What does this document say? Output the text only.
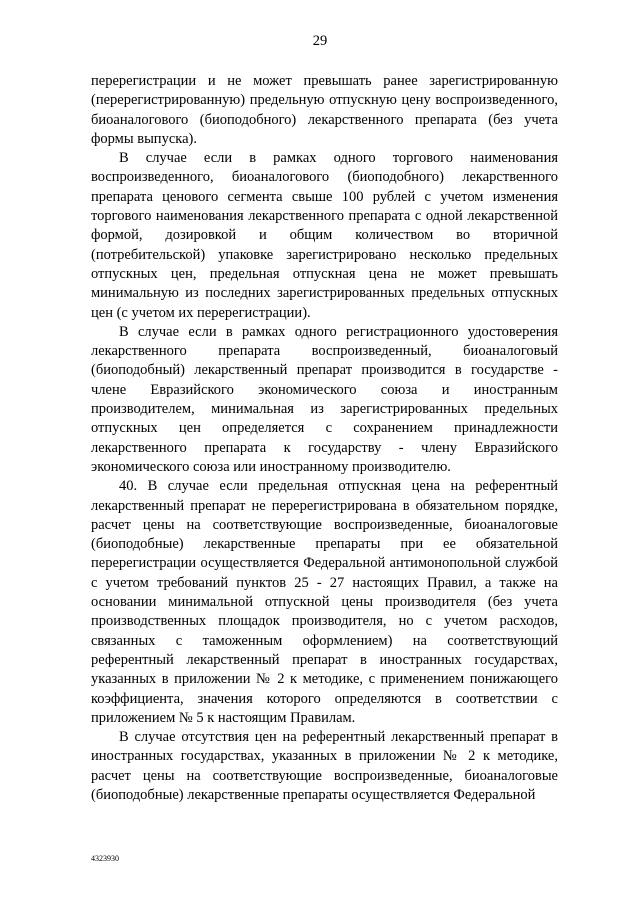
29

перерегистрации и не может превышать ранее зарегистрированную (перерегистрированную) предельную отпускную цену воспроизведенного, биоаналогового (биоподобного) лекарственного препарата (без учета формы выпуска).

В случае если в рамках одного торгового наименования воспроизведенного, биоаналогового (биоподобного) лекарственного препарата ценового сегмента свыше 100 рублей с учетом изменения торгового наименования лекарственного препарата с одной лекарственной формой, дозировкой и общим количеством во вторичной (потребительской) упаковке зарегистрировано несколько предельных отпускных цен, предельная отпускная цена не может превышать минимальную из последних зарегистрированных предельных отпускных цен (с учетом их перерегистрации).

В случае если в рамках одного регистрационного удостоверения лекарственного препарата воспроизведенный, биоаналоговый (биоподобный) лекарственный препарат производится в государстве - члене Евразийского экономического союза и иностранным производителем, минимальная из зарегистрированных предельных отпускных цен определяется с сохранением принадлежности лекарственного препарата к государству - члену Евразийского экономического союза или иностранному производителю.

40. В случае если предельная отпускная цена на референтный лекарственный препарат не перерегистрирована в обязательном порядке, расчет цены на соответствующие воспроизведенные, биоаналоговые (биоподобные) лекарственные препараты при ее обязательной перерегистрации осуществляется Федеральной антимонопольной службой с учетом требований пунктов 25 - 27 настоящих Правил, а также на основании минимальной отпускной цены производителя (без учета производственных площадок производителя, но с учетом расходов, связанных с таможенным оформлением) на соответствующий референтный лекарственный препарат в иностранных государствах, указанных в приложении № 2 к методике, с применением понижающего коэффициента, значения которого определяются в соответствии с приложением № 5 к настоящим Правилам.

В случае отсутствия цен на референтный лекарственный препарат в иностранных государствах, указанных в приложении № 2 к методике, расчет цены на соответствующие воспроизведенные, биоаналоговые (биоподобные) лекарственные препараты осуществляется Федеральной

4323930
